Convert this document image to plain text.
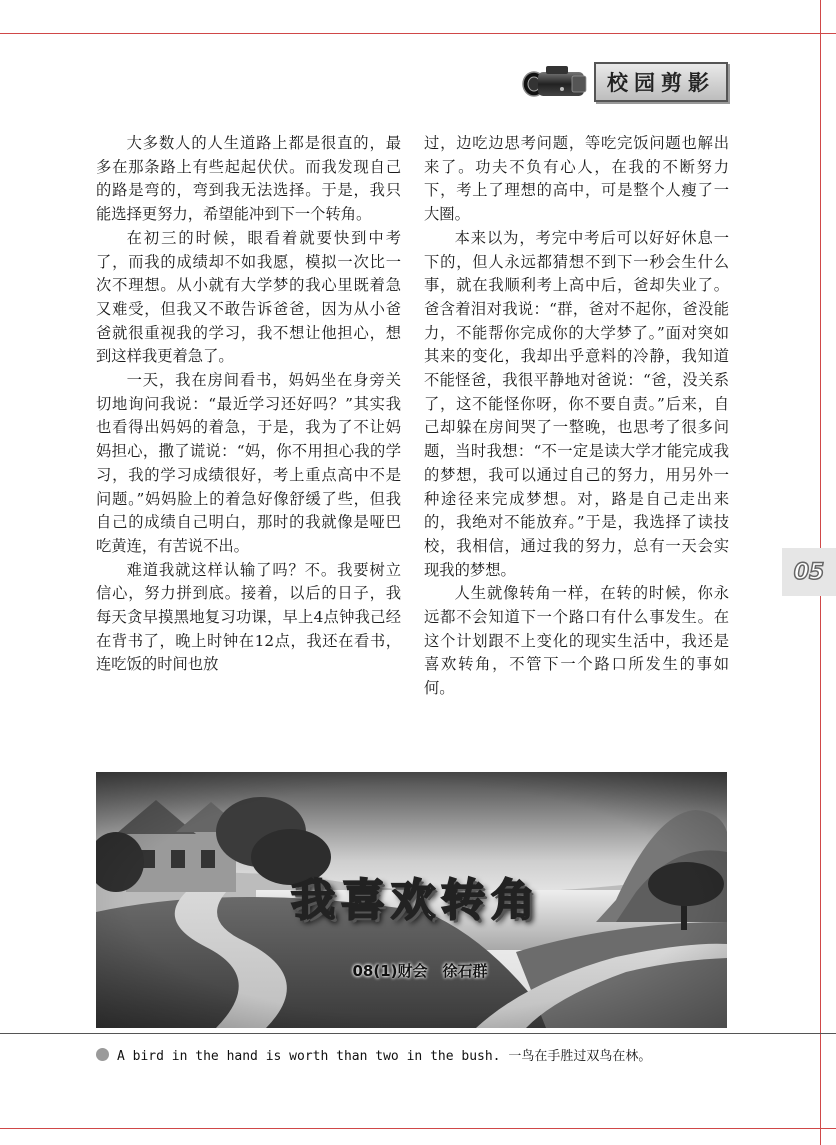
校园剪影

大多数人的人生道路上都是很直的，最多在那条路上有些起起伏伏。而我发现自己的路是弯的，弯到我无法选择。于是，我只能选择更努力，希望能冲到下一个转角。

在初三的时候，眼看着就要快到中考了，而我的成绩却不如我愿，模拟一次比一次不理想。从小就有大学梦的我心里既着急又难受，但我又不敢告诉爸爸，因为从小爸爸就很重视我的学习，我不想让他担心，想到这样我更着急了。

一天，我在房间看书，妈妈坐在身旁关切地询问我说：“最近学习还好吗？”其实我也看得出妈妈的着急，于是，我为了不让妈妈担心，撒了谎说：“妈，你不用担心我的学习，我的学习成绩很好，考上重点高中不是问题。”妈妈脸上的着急好像舒缓了些，但我自己的成绩自己明白，那时的我就像是哑巴吃黄连，有苦说不出。

难道我就这样认输了吗？不。我要树立信心，努力拼到底。接着，以后的日子，我每天贪早摸黑地复习功课，早上4点钟我己经在背书了，晚上时钟在12点，我还在看书，连吃饭的时间也放

过，边吃边思考问题，等吃完饭问题也解出来了。功夫不负有心人，在我的不断努力下，考上了理想的高中，可是整个人瘦了一大圈。

本来以为，考完中考后可以好好休息一下的，但人永远都猜想不到下一秒会生什么事，就在我顺利考上高中后，爸却失业了。爸含着泪对我说：“群，爸对不起你，爸没能力，不能帮你完成你的大学梦了。”面对突如其来的变化，我却出乎意料的冷静，我知道不能怪爸，我很平静地对爸说：“爸，没关系了，这不能怪你呀，你不要自责。”后来，自己却躲在房间哭了一整晚，也思考了很多问题，当时我想：“不一定是读大学才能完成我的梦想，我可以通过自己的努力，用另外一种途径来完成梦想。对，路是自己走出来的，我绝对不能放弃。”于是，我选择了读技校，我相信，通过我的努力，总有一天会实现我的梦想。

人生就像转角一样，在转的时候，你永远都不会知道下一个路口有什么事发生。在这个计划跟不上变化的现实生活中，我还是喜欢转角，不管下一个路口所发生的事如何。

05
我喜欢转角
08(1)财会　徐石群
A bird in the hand is worth than two in the bush. 一鸟在手胜过双鸟在林。
